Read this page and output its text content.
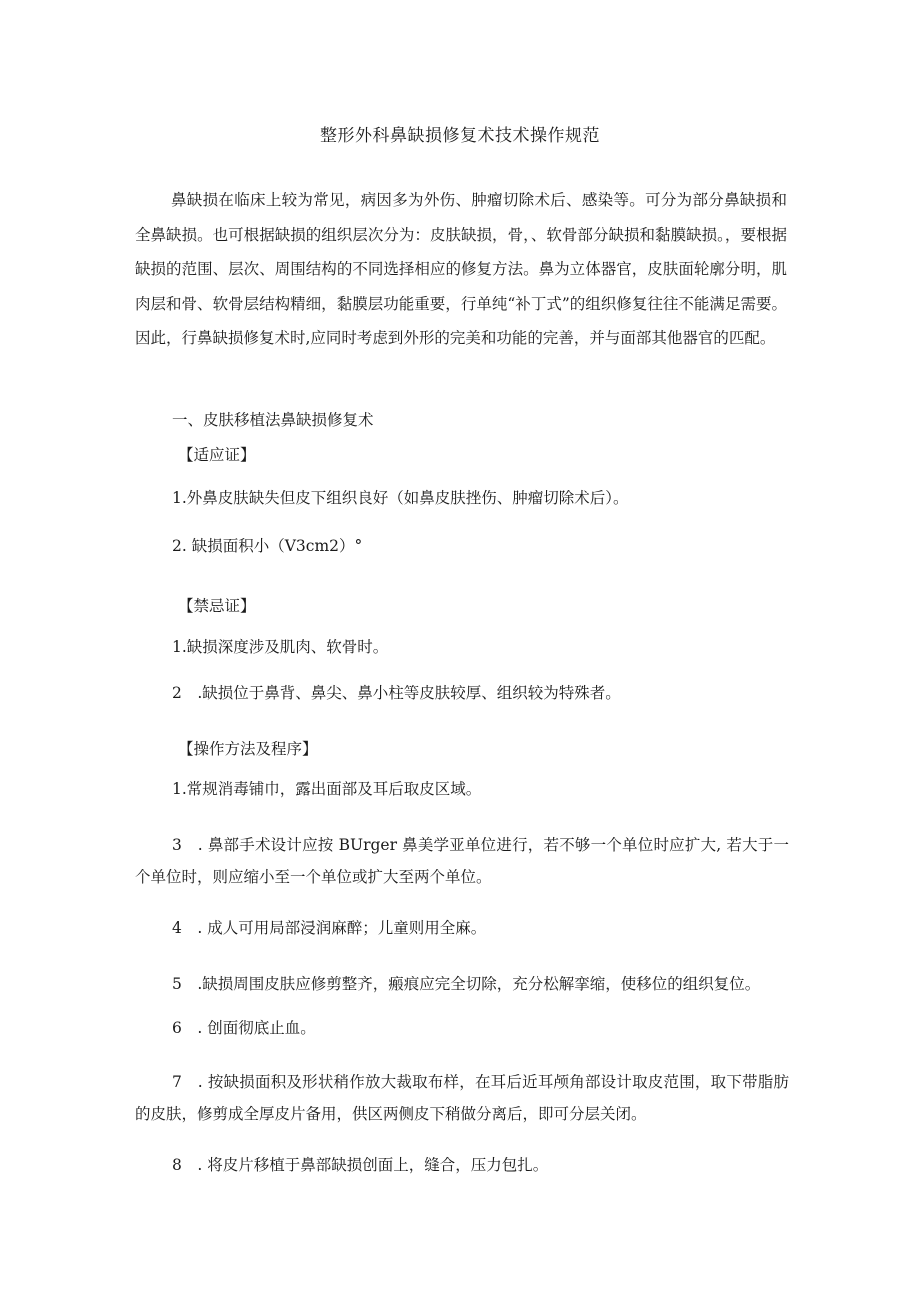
整形外科鼻缺损修复术技术操作规范
鼻缺损在临床上较为常见，病因多为外伤、肿瘤切除术后、感染等。可分为部分鼻缺损和全鼻缺损。也可根据缺损的组织层次分为：皮肤缺损，骨，、软骨部分缺损和黏膜缺损。，要根据缺损的范围、层次、周围结构的不同选择相应的修复方法。鼻为立体器官，皮肤面轮廓分明，肌肉层和骨、软骨层结构精细，黏膜层功能重要，行单纯“补丁式”的组织修复往往不能满足需要。因此，行鼻缺损修复术时,应同时考虑到外形的完美和功能的完善，并与面部其他器官的匹配。
一、皮肤移植法鼻缺损修复术
【适应证】
1.外鼻皮肤缺失但皮下组织良好（如鼻皮肤挫伤、肿瘤切除术后）。
2. 缺损面积小（V3cm2）°
【禁忌证】
1.缺损深度涉及肌肉、软骨时。
2　.缺损位于鼻背、鼻尖、鼻小柱等皮肤较厚、组织较为特殊者。
【操作方法及程序】
1.常规消毒铺巾，露出面部及耳后取皮区域。
3　. 鼻部手术设计应按 BUrger 鼻美学亚单位进行，若不够一个单位时应扩大, 若大于一个单位时，则应缩小至一个单位或扩大至两个单位。
4　. 成人可用局部浸润麻醉；儿童则用全麻。
5　.缺损周围皮肤应修剪整齐，瘢痕应完全切除，充分松解挛缩，使移位的组织复位。
6　. 创面彻底止血。
7　. 按缺损面积及形状稍作放大裁取布样，在耳后近耳颅角部设计取皮范围，取下带脂肪的皮肤，修剪成全厚皮片备用，供区两侧皮下稍做分离后，即可分层关闭。
8　. 将皮片移植于鼻部缺损创面上，缝合，压力包扎。
